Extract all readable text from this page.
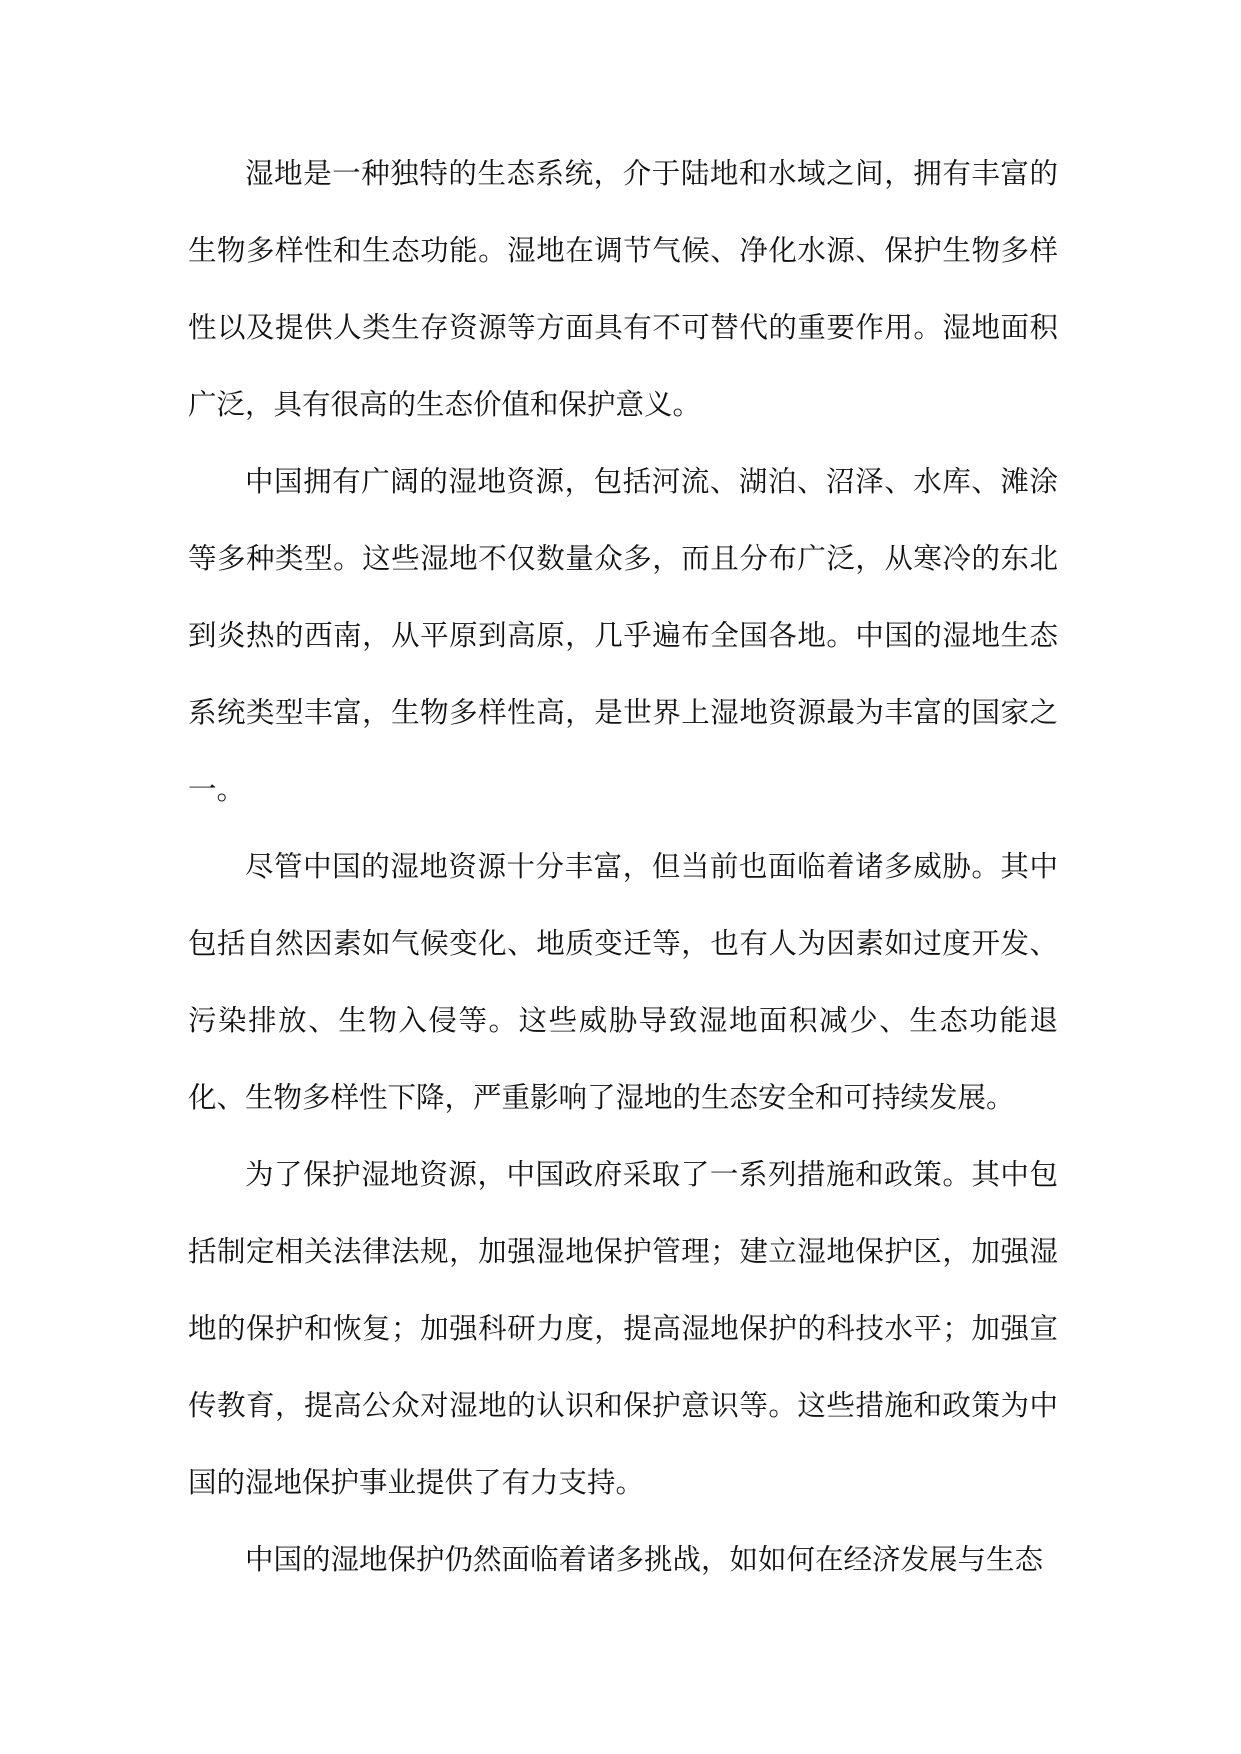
湿地是一种独特的生态系统，介于陆地和水域之间，拥有丰富的生物多样性和生态功能。湿地在调节气候、净化水源、保护生物多样性以及提供人类生存资源等方面具有不可替代的重要作用。湿地面积广泛，具有很高的生态价值和保护意义。

中国拥有广阔的湿地资源，包括河流、湖泊、沼泽、水库、滩涂等多种类型。这些湿地不仅数量众多，而且分布广泛，从寒冷的东北到炎热的西南，从平原到高原，几乎遍布全国各地。中国的湿地生态系统类型丰富，生物多样性高，是世界上湿地资源最为丰富的国家之一。

尽管中国的湿地资源十分丰富，但当前也面临着诸多威胁。其中包括自然因素如气候变化、地质变迁等，也有人为因素如过度开发、污染排放、生物入侵等。这些威胁导致湿地面积减少、生态功能退化、生物多样性下降，严重影响了湿地的生态安全和可持续发展。

为了保护湿地资源，中国政府采取了一系列措施和政策。其中包括制定相关法律法规，加强湿地保护管理；建立湿地保护区，加强湿地的保护和恢复；加强科研力度，提高湿地保护的科技水平；加强宣传教育，提高公众对湿地的认识和保护意识等。这些措施和政策为中国的湿地保护事业提供了有力支持。

中国的湿地保护仍然面临着诸多挑战，如如何在经济发展与生态
